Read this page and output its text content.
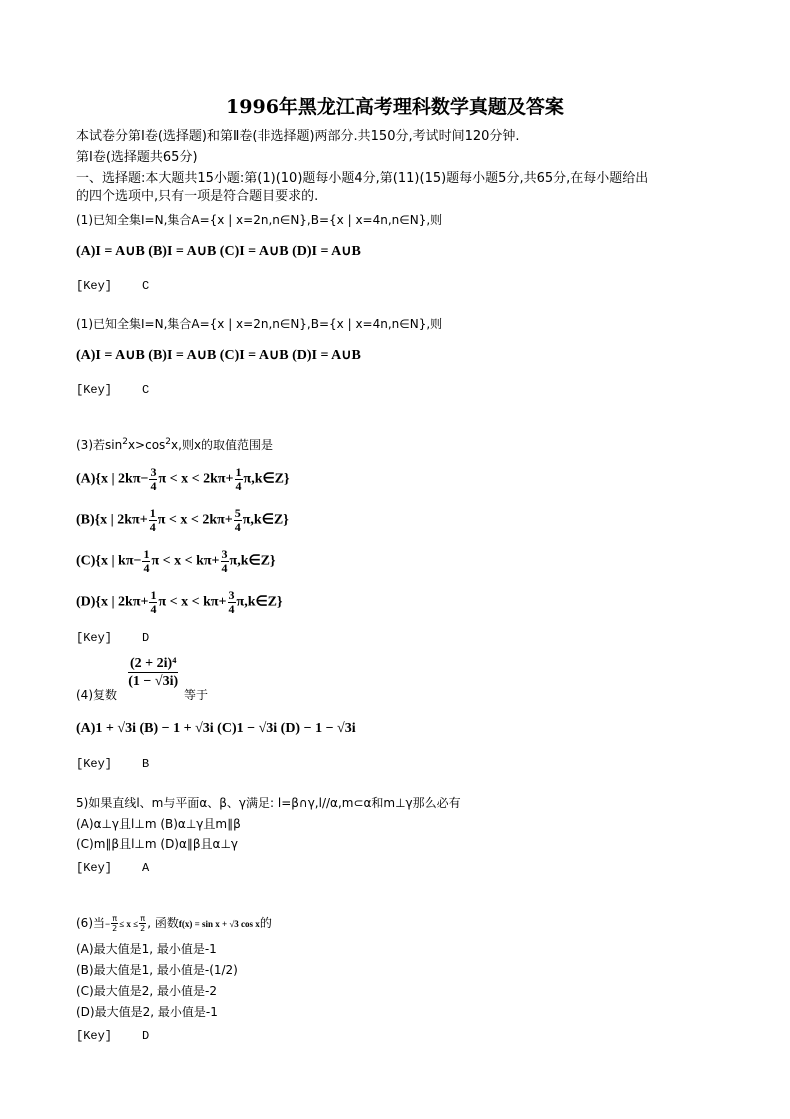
1996年黑龙江高考理科数学真题及答案
本试卷分第Ⅰ卷(选择题)和第Ⅱ卷(非选择题)两部分.共150分,考试时间120分钟.
第Ⅰ卷(选择题共65分)
一、选择题:本大题共15小题:第(1)(10)题每小题4分,第(11)(15)题每小题5分,共65分,在每小题给出
的四个选项中,只有一项是符合题目要求的.
(1)已知全集I=N,集合A={x | x=2n,n∈N},B={x | x=4n,n∈N},则
(A)I = A∪B (B)I = A∪B (C)I = A∪B (D)I = A∪B
[Key]	C
(1)已知全集I=N,集合A={x | x=2n,n∈N},B={x | x=4n,n∈N},则
(A)I = A∪B (B)I = A∪B (C)I = A∪B (D)I = A∪B
[Key]	C
(3)若$\sin^2x>\cos^2x$,则x的取值范围是
(A){x | $2k\pi- \frac{3}{4}$ $\pi < x < 2k\pi+ \frac{1}{4}$ π,k∈Z}
(B){x | $2k\pi+ \frac{1}{4}$ $\pi < x < 2k\pi+ \frac{5}{4}$ π,k∈Z}
(C){x | $k\pi- \frac{1}{4}$ $\pi < x < k\pi+ \frac{3}{4}$ π,k∈Z}
(D){x | $2k\pi+ \frac{1}{4}$ $\pi < x < k\pi+ \frac{3}{4}$ π,k∈Z}
[Key]	D
$\frac{\text{(2 + 2i)⁴}}{(1 - √3i)}$
(4)复数	等于
(A)1 + √3i (B) − 1 + √3i (C)1 − √3i (D) − 1 − √3i
[Key]	B
5)如果直线l、m与平面α、β、γ满足: l=β∩γ,l//α,m⊂α和m⊥γ那么必有
(A)α⊥γ且l⊥m (B)α⊥γ且m∥β
(C)m∥β且l⊥m (D)α∥β且α⊥γ
[Key]	A
(6)当− $\frac{\pi}{2} \le x \le \frac{\pi}{2}$ , 函数f(x) = sin x + √3 cos x的
(A)最大值是1, 最小值是-1
(B)最大值是1, 最小值是-(1/2)
(C)最大值是2, 最小值是-2
(D)最大值是2, 最小值是-1
[Key]	D
